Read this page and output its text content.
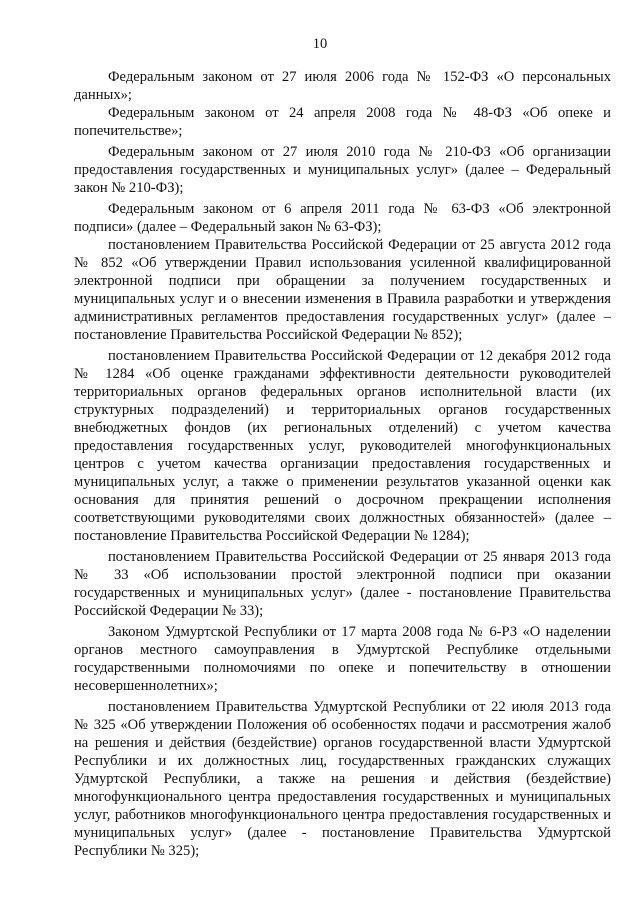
10

Федеральным законом от 27 июля 2006 года № 152-ФЗ «О персональных данных»;

Федеральным законом от 24 апреля 2008 года № 48-ФЗ «Об опеке и попечительстве»;

Федеральным законом от 27 июля 2010 года № 210-ФЗ «Об организации предоставления государственных и муниципальных услуг» (далее – Федеральный закон № 210-ФЗ);

Федеральным законом от 6 апреля 2011 года № 63-ФЗ «Об электронной подписи» (далее – Федеральный закон № 63-ФЗ);

постановлением Правительства Российской Федерации от 25 августа 2012 года № 852 «Об утверждении Правил использования усиленной квалифицированной электронной подписи при обращении за получением государственных и муниципальных услуг и о внесении изменения в Правила разработки и утверждения административных регламентов предоставления государственных услуг» (далее – постановление Правительства Российской Федерации № 852);

постановлением Правительства Российской Федерации от 12 декабря 2012 года № 1284 «Об оценке гражданами эффективности деятельности руководителей территориальных органов федеральных органов исполнительной власти (их структурных подразделений) и территориальных органов государственных внебюджетных фондов (их региональных отделений) с учетом качества предоставления государственных услуг, руководителей многофункциональных центров с учетом качества организации предоставления государственных и муниципальных услуг, а также о применении результатов указанной оценки как основания для принятия решений о досрочном прекращении исполнения соответствующими руководителями своих должностных обязанностей» (далее – постановление Правительства Российской Федерации № 1284);

постановлением Правительства Российской Федерации от 25 января 2013 года № 33 «Об использовании простой электронной подписи при оказании государственных и муниципальных услуг» (далее - постановление Правительства Российской Федерации № 33);

Законом Удмуртской Республики от 17 марта 2008 года № 6-РЗ «О наделении органов местного самоуправления в Удмуртской Республике отдельными государственными полномочиями по опеке и попечительству в отношении несовершеннолетних»;

постановлением Правительства Удмуртской Республики от 22 июля 2013 года № 325 «Об утверждении Положения об особенностях подачи и рассмотрения жалоб на решения и действия (бездействие) органов государственной власти Удмуртской Республики и их должностных лиц, государственных гражданских служащих Удмуртской Республики, а также на решения и действия (бездействие) многофункционального центра предоставления государственных и муниципальных услуг, работников многофункционального центра предоставления государственных и муниципальных услуг» (далее - постановление Правительства Удмуртской Республики № 325);
